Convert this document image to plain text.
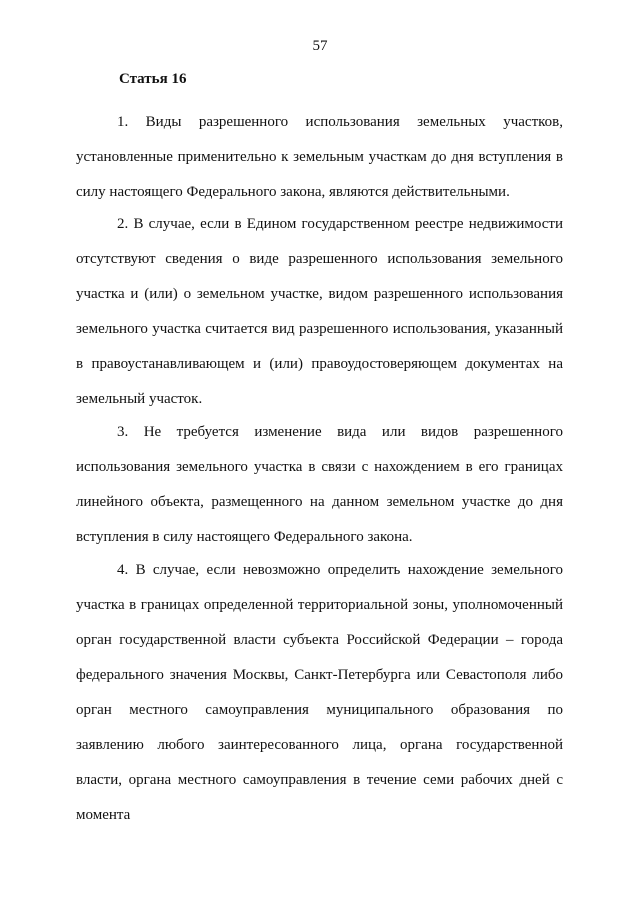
57
Статья 16

1. Виды разрешенного использования земельных участков, установленные применительно к земельным участкам до дня вступления в силу настоящего Федерального закона, являются действительными.

2. В случае, если в Едином государственном реестре недвижимости отсутствуют сведения о виде разрешенного использования земельного участка и (или) о земельном участке, видом разрешенного использования земельного участка считается вид разрешенного использования, указанный в правоустанавливающем и (или) правоудостоверяющем документах на земельный участок.

3. Не требуется изменение вида или видов разрешенного использования земельного участка в связи с нахождением в его границах линейного объекта, размещенного на данном земельном участке до дня вступления в силу настоящего Федерального закона.

4. В случае, если невозможно определить нахождение земельного участка в границах определенной территориальной зоны, уполномоченный орган государственной власти субъекта Российской Федерации – города федерального значения Москвы, Санкт-Петербурга или Севастополя либо орган местного самоуправления муниципального образования по заявлению любого заинтересованного лица, органа государственной власти, органа местного самоуправления в течение семи рабочих дней с момента
